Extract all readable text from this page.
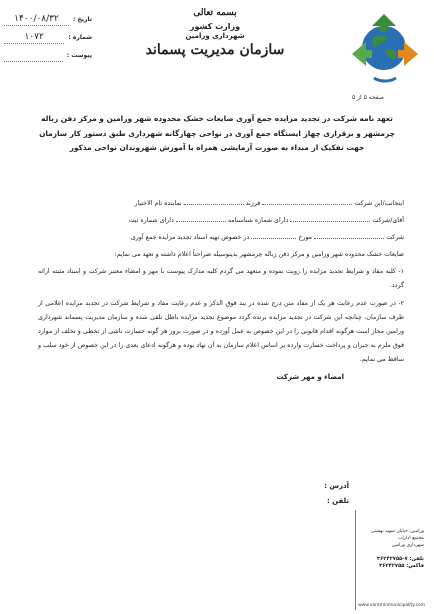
تاریخ :
۱۴۰۰/۰۸/۳۲
شماره :
۱۰۷۲
پیوست :
بسمه تعالی
وزارت کشور
شهرداری ورامین
سازمان مدیریت پسماند
صفحه ۵ از ۵
تعهد نامه شرکت در تجدید مزایده جمع آوری ضایعات خشک محدوده شهر ورامین و مرکز دفن زباله چرمشهر و برقراری چهار ایستگاه جمع آوری در نواحی چهارگانه شهرداری طبق دستور کار سازمان جهت تفکیک از مبداء به صورت آزمایشی همراه با آموزش شهروندان نواحی مذکور

اینجانب/این شرکت  فرزند  نماینده تام الاختیار

آقای/شرکت  دارای شماره شناسنامه  دارای شماره ثبت

شرکت  مورخ  در خصوص تهیه اسناد تجدید مزایده جمع آوری

ضایعات خشک محدوده شهر ورامین و مرکز دفن زباله چرمشهر بدینوسیله صراحتاً اعلام داشته و تعهد می نمایم:

۱- کلیه مفاد و شرایط تجدید مزایده را رویت نموده و متعهد می گردم کلیه مدارک پیوست با مهر و امضاء معتبر شرکت و اسناد مثبته ارائه گردد.

۲- در صورت عدم رعایت هر یک از مفاد متن درج شده در بند فوق الذکر و عدم رعایت مفاد و شرایط شرکت در تجدید مزایده اعلامی از طرف سازمان، چنانچه این شرکت در تجدید مزایده برنده گردد موضوع تجدید مزایده باطل تلقی شده و سازمان مدیریت پسماند شهرداری ورامین مجاز است هرگونه اقدام قانونی را در این خصوص به عمل آورده و در صورت بروز هر گونه خسارت ناشی از تخطی و تخلف از موارد فوق ملزم به جبران و پرداخت خسارت وارده بر اساس اعلام سازمان به آن نهاد بوده و هرگونه ادعای بعدی را در این خصوص از خود سلب و ساقط می نمایم.

امضاء و مهر شرکت
آدرس :
تلفن :
ورامین، خیابان شهید بهشتی
مجتمع ادارات
شهرداری ورامین
تلفن: ۷-۳۶۲۴۲۷۵۵
فاکس: ۳۶۲۴۲۷۵۵
www.varaminmunicipality.com
